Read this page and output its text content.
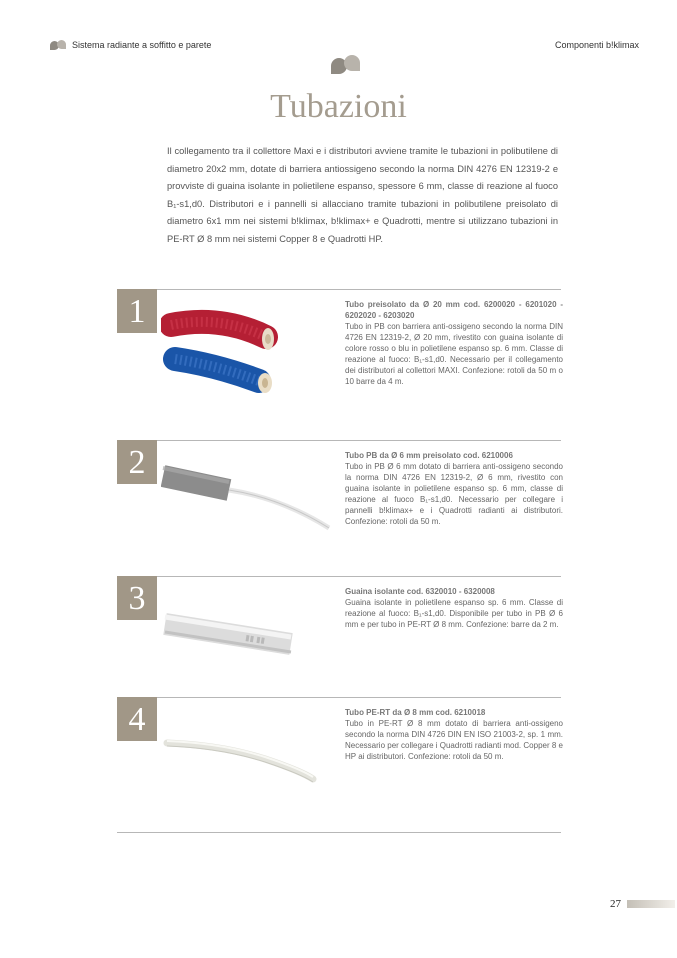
Sistema radiante a soffitto e parete	Componenti b!klimax
Tubazioni
Il collegamento tra il collettore Maxi e i distributori avviene tramite le tubazioni in polibutilene di diametro 20x2 mm, dotate di barriera antiossigeno secondo la norma DIN 4276 EN 12319-2 e provviste di guaina isolante in polietilene espanso, spessore 6 mm, classe di reazione al fuoco B₁-s1,d0. Distributori e i pannelli si allacciano tramite tubazioni in polibutilene preisolato di diametro 6x1 mm nei sistemi b!klimax, b!klimax+ e Quadrotti, mentre si utilizzano tubazioni in PE-RT Ø 8 mm nei sistemi Copper 8 e Quadrotti HP.
1	Tubo preisolato da Ø 20 mm cod. 6200020 - 6201020 - 6202020 - 6203020
Tubo in PB con barriera anti-ossigeno secondo la norma DIN 4726 EN 12319-2, Ø 20 mm, rivestito con guaina isolante di colore rosso o blu in polietilene espanso sp. 6 mm. Classe di reazione al fuoco: B₁-s1,d0. Necessario per il collegamento dei distributori al collettori MAXI. Confezione: rotoli da 50 m o 10 barre da 4 m.
2	Tubo PB da Ø 6 mm preisolato cod. 6210006
Tubo in PB Ø 6 mm dotato di barriera anti-ossigeno secondo la norma DIN 4726 EN 12319-2, Ø 6 mm, rivestito con guaina isolante in polietilene espanso sp. 6 mm, classe di reazione al fuoco B₁-s1,d0. Necessario per collegare i pannelli b!klimax+ e i Quadrotti radianti ai distributori. Confezione: rotoli da 50 m.
3
▮▮ ▮▮
Guaina isolante cod. 6320010 - 6320008
Guaina isolante in polietilene espanso sp. 6 mm. Classe di reazione al fuoco: B₁-s1,d0. Disponibile per tubo in PB Ø 6 mm e per tubo in PE-RT Ø 8 mm. Confezione: barre da 2 m.
4	Tubo PE-RT da Ø 8 mm cod. 6210018
Tubo in PE-RT Ø 8 mm dotato di barriera anti-ossigeno secondo la norma DIN 4726 DIN EN ISO 21003-2, sp. 1 mm. Necessario per collegare i Quadrotti radianti mod. Copper 8 e HP ai distributori. Confezione: rotoli da 50 m.
27
